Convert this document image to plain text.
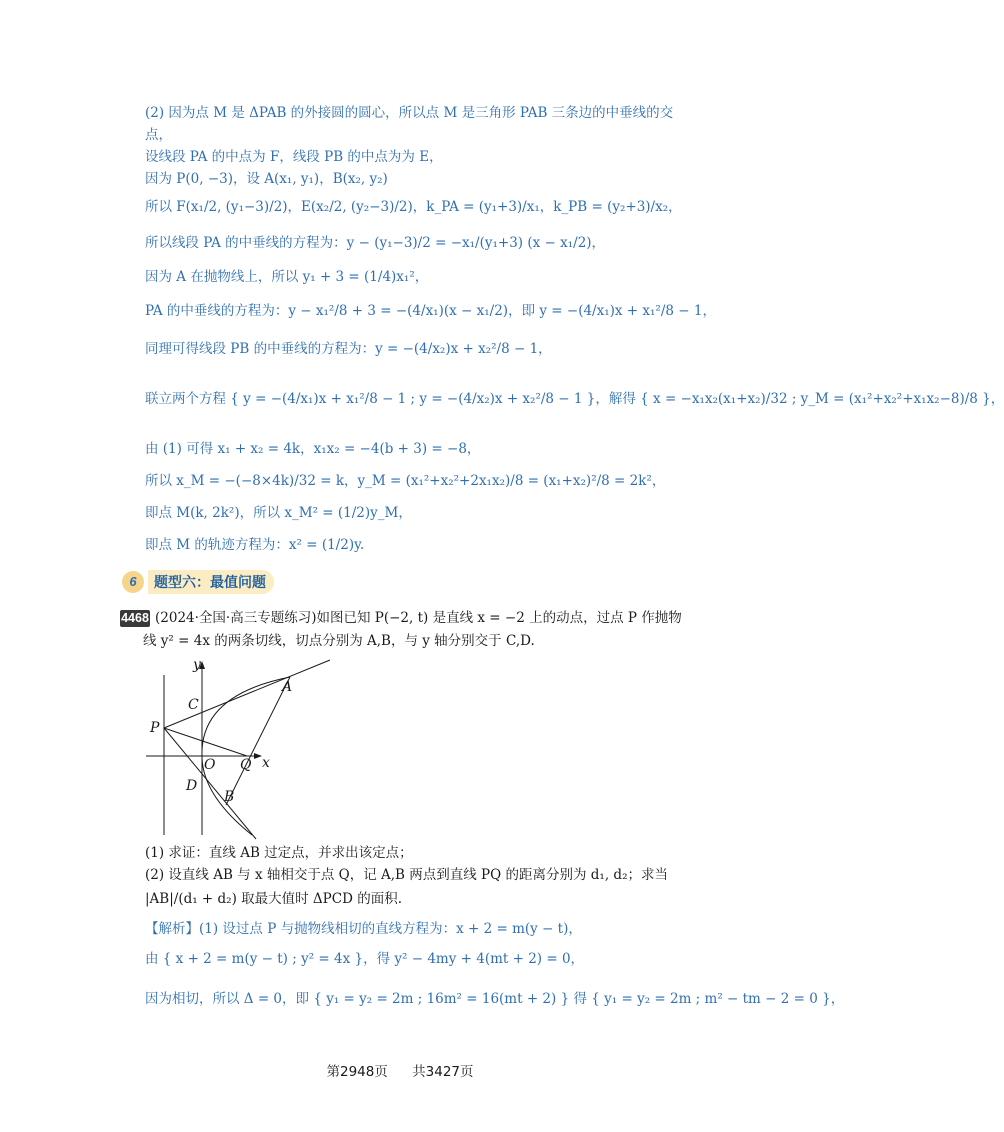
(2) 因为点 M 是 ΔPAB 的外接圆的圆心，所以点 M 是三角形 PAB 三条边的中垂线的交
点，
设线段 PA 的中点为 F，线段 PB 的中点为为 E，
因为 P(0, −3)，设 A(x₁, y₁)，B(x₂, y₂)
所以 F(x₁/2, (y₁−3)/2)，E(x₂/2, (y₂−3)/2)，k_PA = (y₁+3)/x₁，k_PB = (y₂+3)/x₂，
所以线段 PA 的中垂线的方程为：y − (y₁−3)/2 = −x₁/(y₁+3) (x − x₁/2)，
因为 A 在抛物线上，所以 y₁ + 3 = (1/4)x₁²，
PA 的中垂线的方程为：y − x₁²/8 + 3 = −(4/x₁)(x − x₁/2)，即 y = −(4/x₁)x + x₁²/8 − 1，
同理可得线段 PB 的中垂线的方程为：y = −(4/x₂)x + x₂²/8 − 1，
联立两个方程 { y = −(4/x₁)x + x₁²/8 − 1 ; y = −(4/x₂)x + x₂²/8 − 1 }，解得 { x = −x₁x₂(x₁+x₂)/32 ; y_M = (x₁²+x₂²+x₁x₂−8)/8 }，
由 (1) 可得 x₁ + x₂ = 4k，x₁x₂ = −4(b + 3) = −8，
所以 x_M = −(−8×4k)/32 = k，y_M = (x₁²+x₂²+2x₁x₂)/8 = (x₁+x₂)²/8 = 2k²，
即点 M(k, 2k²)，所以 x_M² = (1/2)y_M，
即点 M 的轨迹方程为：x² = (1/2)y.
6	题型六：最值问题
4468 (2024·全国·高三专题练习)如图已知 P(−2, t) 是直线 x = −2 上的动点，过点 P 作抛物
线 y² = 4x 的两条切线，切点分别为 A,B，与 y 轴分别交于 C,D.
y
x
P
C
A
O Q
D
B
(1) 求证：直线 AB 过定点，并求出该定点；
(2) 设直线 AB 与 x 轴相交于点 Q，记 A,B 两点到直线 PQ 的距离分别为 d₁, d₂；求当
|AB|/(d₁ + d₂) 取最大值时 ΔPCD 的面积.
【解析】(1) 设过点 P 与抛物线相切的直线方程为：x + 2 = m(y − t)，
由 { x + 2 = m(y − t) ; y² = 4x }，得 y² − 4my + 4(mt + 2) = 0，
因为相切，所以 Δ = 0，即 { y₁ = y₂ = 2m ; 16m² = 16(mt + 2) } 得 { y₁ = y₂ = 2m ; m² − tm − 2 = 0 }，
第2948页 共3427页
